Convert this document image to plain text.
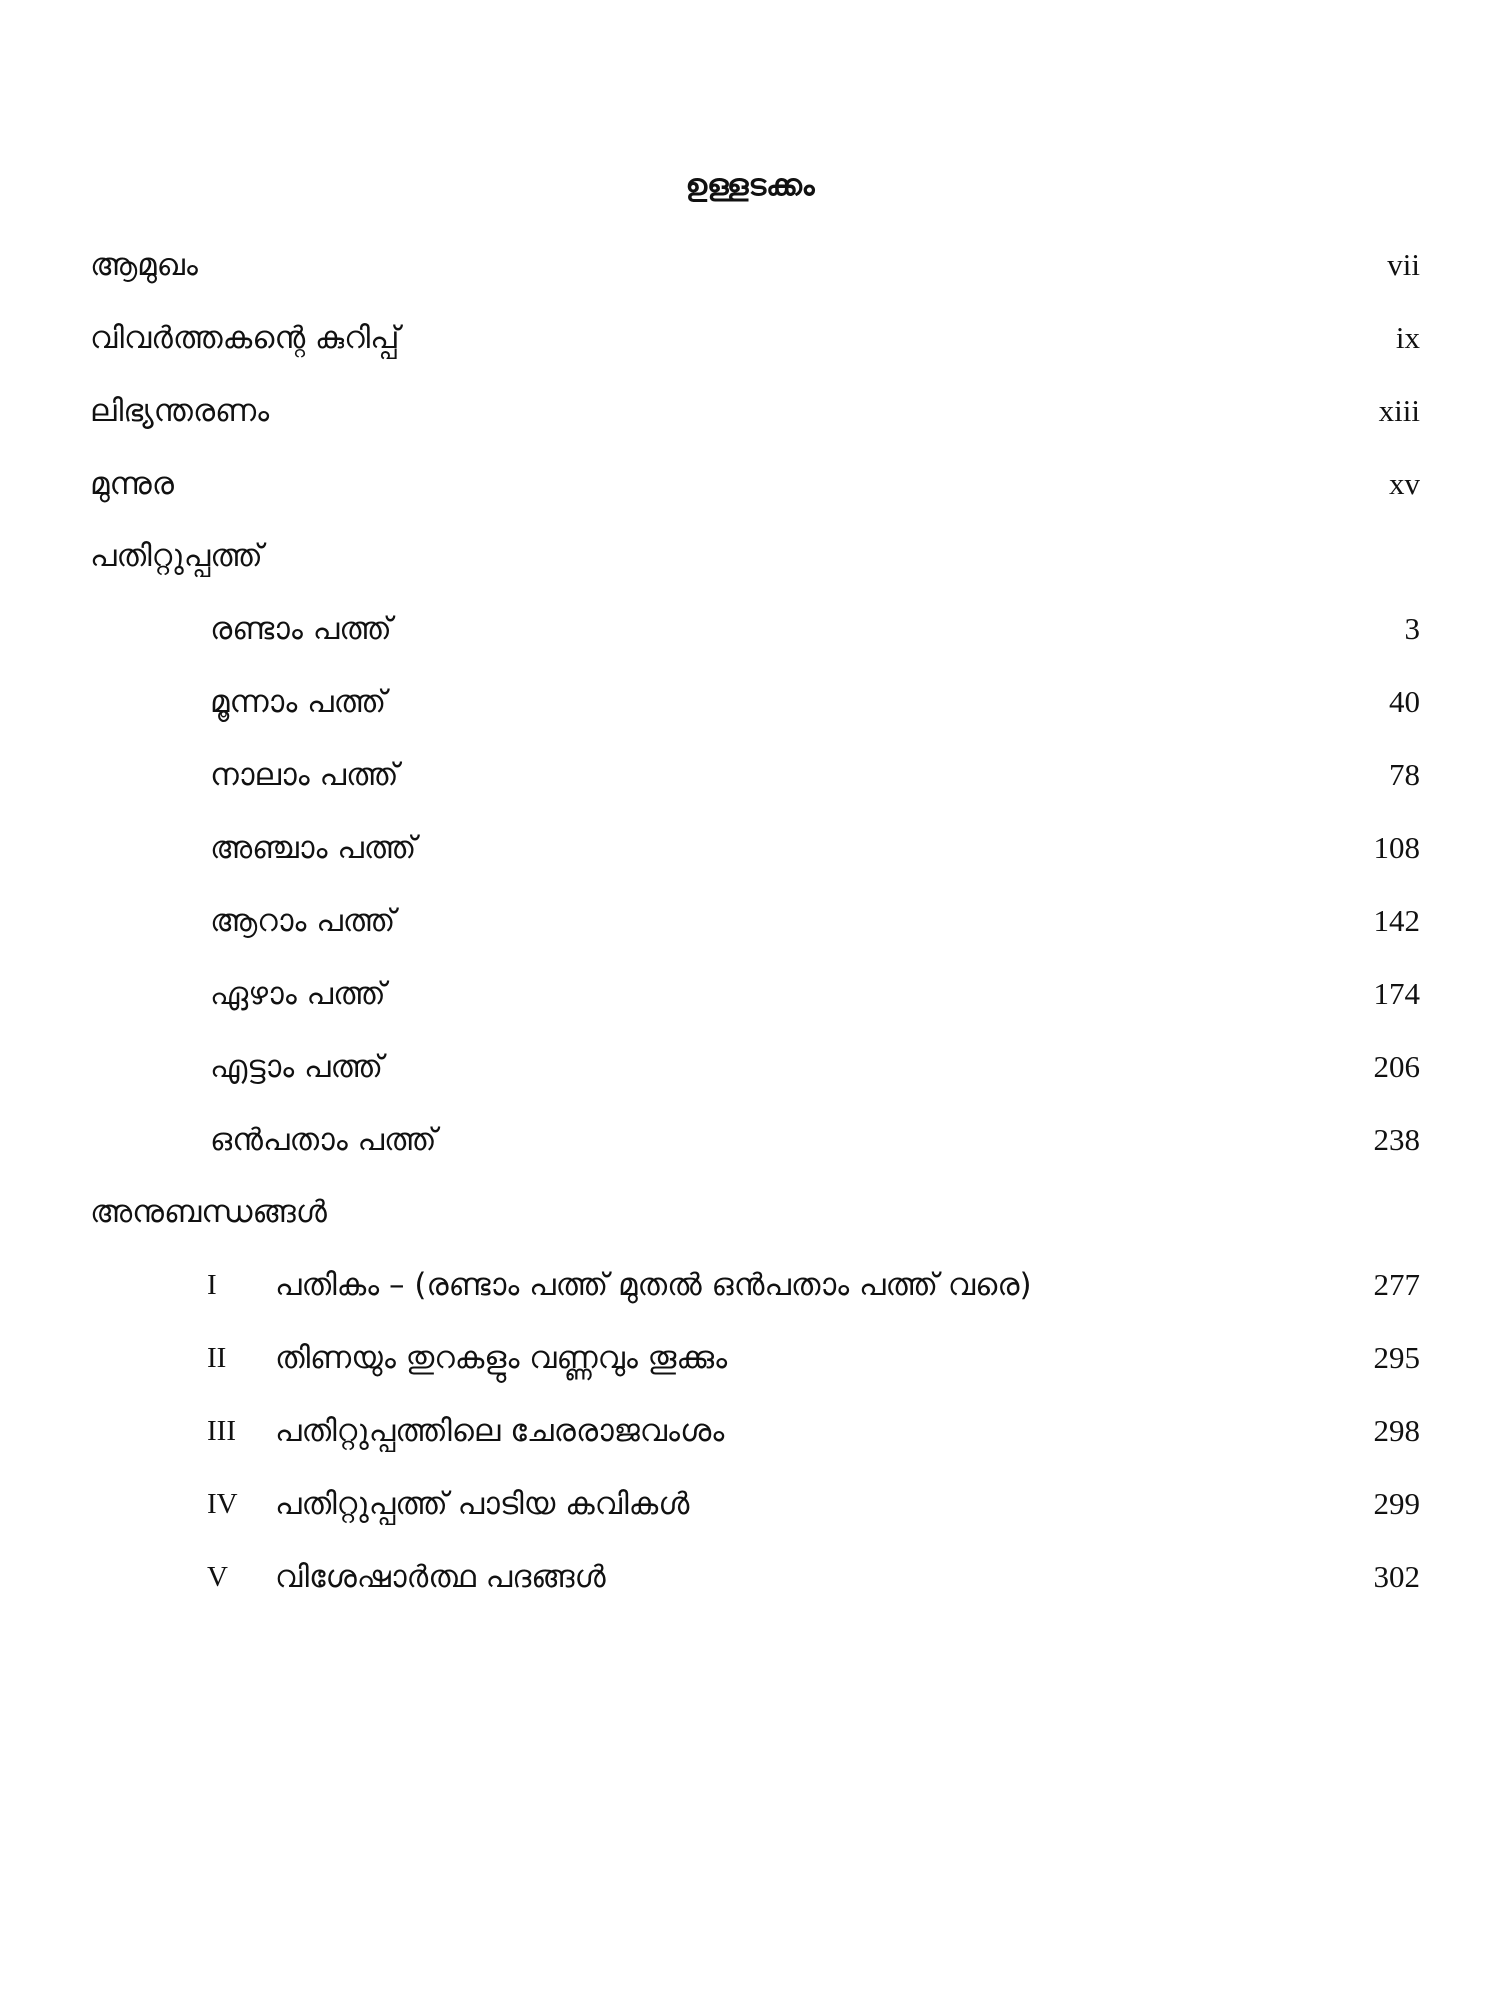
ഉള്ളടക്കം
ആമുഖം	vii
വിവർത്തകന്റെ കുറിപ്പ്	ix
ലിഭ്യന്തരണം	xiii
മുന്നുര	xv
പതിറ്റുപ്പത്ത്
രണ്ടാം പത്ത്	3
മൂന്നാം പത്ത്	40
നാലാം പത്ത്	78
അഞ്ചാം പത്ത്	108
ആറാം പത്ത്	142
ഏഴാം പത്ത്	174
എട്ടാം പത്ത്	206
ഒൻപതാം പത്ത്	238
അനുബന്ധങ്ങൾ
I പതികം – (രണ്ടാം പത്ത് മുതൽ ഒൻപതാം പത്ത് വരെ)	277
II തിണയും തുറകളും വണ്ണവും തൂക്കും	295
III പതിറ്റുപ്പത്തിലെ ചേരരാജവംശം	298
IV പതിറ്റുപ്പത്ത് പാടിയ കവികൾ	299
V വിശേഷാർത്ഥ പദങ്ങൾ	302
